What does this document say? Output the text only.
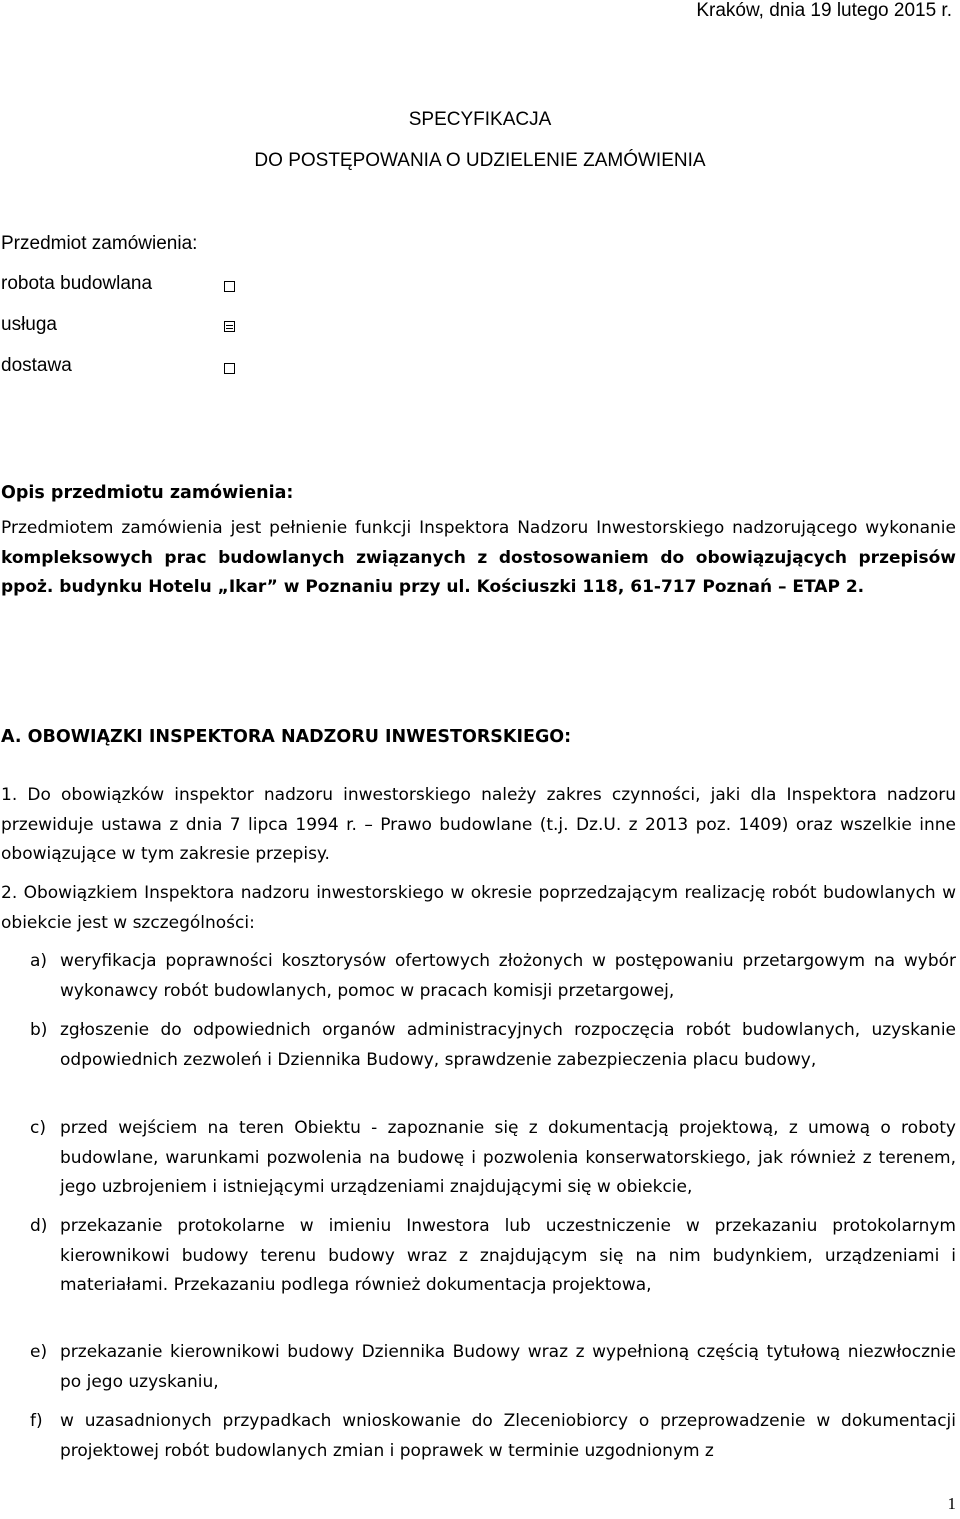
Kraków, dnia 19 lutego 2015 r.
SPECYFIKACJA
DO POSTĘPOWANIA O UDZIELENIE ZAMÓWIENIA
Przedmiot zamówienia:
robota budowlana
usługa
dostawa
Opis przedmiotu zamówienia:
Przedmiotem zamówienia jest pełnienie funkcji Inspektora Nadzoru Inwestorskiego nadzorującego wykonanie kompleksowych prac budowlanych związanych z dostosowaniem do obowiązujących przepisów ppoż. budynku Hotelu „Ikar” w Poznaniu przy ul. Kościuszki 118, 61-717 Poznań – ETAP 2.
A. OBOWIĄZKI INSPEKTORA NADZORU INWESTORSKIEGO:
1. Do obowiązków inspektor nadzoru inwestorskiego należy zakres czynności, jaki dla Inspektora nadzoru przewiduje ustawa z dnia 7 lipca 1994 r. – Prawo budowlane (t.j. Dz.U. z 2013 poz. 1409) oraz wszelkie inne obowiązujące w tym zakresie przepisy.
2. Obowiązkiem Inspektora nadzoru inwestorskiego w okresie poprzedzającym realizację robót budowlanych w obiekcie jest w szczególności:
a) weryfikacja poprawności kosztorysów ofertowych złożonych w postępowaniu przetargowym na wybór wykonawcy robót budowlanych, pomoc w pracach komisji przetargowej,
b) zgłoszenie do odpowiednich organów administracyjnych rozpoczęcia robót budowlanych, uzyskanie odpowiednich zezwoleń i Dziennika Budowy, sprawdzenie zabezpieczenia placu budowy,
c) przed wejściem na teren Obiektu - zapoznanie się z dokumentacją projektową, z umową o roboty budowlane, warunkami pozwolenia na budowę i pozwolenia konserwatorskiego, jak również z terenem, jego uzbrojeniem i istniejącymi urządzeniami znajdującymi się w obiekcie,
d) przekazanie protokolarne w imieniu Inwestora lub uczestniczenie w przekazaniu protokolarnym kierownikowi budowy terenu budowy wraz z znajdującym się na nim budynkiem, urządzeniami i materiałami. Przekazaniu podlega również dokumentacja projektowa,
e) przekazanie kierownikowi budowy Dziennika Budowy wraz z wypełnioną częścią tytułową niezwłocznie po jego uzyskaniu,
f) w uzasadnionych przypadkach wnioskowanie do Zleceniobiorcy o przeprowadzenie w dokumentacji projektowej robót budowlanych zmian i poprawek w terminie uzgodnionym z
1
